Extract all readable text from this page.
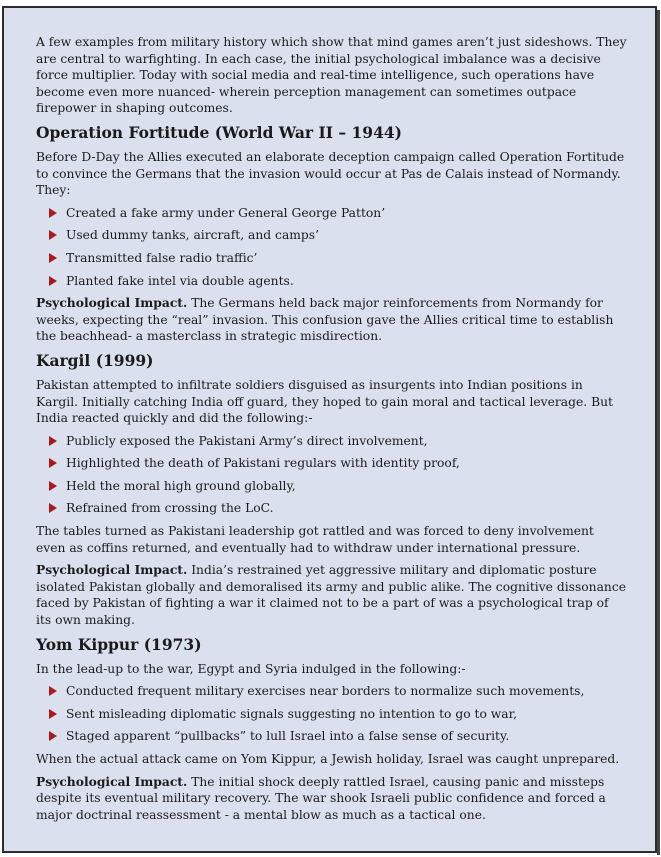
A few examples from military history which show that mind games aren’t just sideshows. They are central to warfighting. In each case, the initial psychological imbalance was a decisive force multiplier. Today with social media and real-time intelligence, such operations have become even more nuanced- wherein perception management can sometimes outpace firepower in shaping outcomes.

Operation Fortitude (World War II – 1944)

Before D-Day the Allies executed an elaborate deception campaign called Operation Fortitude to convince the Germans that the invasion would occur at Pas de Calais instead of Normandy. They:

Created a fake army under General George Patton’
Used dummy tanks, aircraft, and camps’
Transmitted false radio traffic’
Planted fake intel via double agents.

Psychological Impact. The Germans held back major reinforcements from Normandy for weeks, expecting the “real” invasion. This confusion gave the Allies critical time to establish the beachhead- a masterclass in strategic misdirection.

Kargil (1999)

Pakistan attempted to infiltrate soldiers disguised as insurgents into Indian positions in Kargil. Initially catching India off guard, they hoped to gain moral and tactical leverage. But India reacted quickly and did the following:-

Publicly exposed the Pakistani Army’s direct involvement,
Highlighted the death of Pakistani regulars with identity proof,
Held the moral high ground globally,
Refrained from crossing the LoC.

The tables turned as Pakistani leadership got rattled and was forced to deny involvement even as coffins returned, and eventually had to withdraw under international pressure.

Psychological Impact. India’s restrained yet aggressive military and diplomatic posture isolated Pakistan globally and demoralised its army and public alike. The cognitive dissonance faced by Pakistan of fighting a war it claimed not to be a part of was a psychological trap of its own making.

Yom Kippur (1973)

In the lead-up to the war, Egypt and Syria indulged in the following:-

Conducted frequent military exercises near borders to normalize such movements,
Sent misleading diplomatic signals suggesting no intention to go to war,
Staged apparent “pullbacks” to lull Israel into a false sense of security.

When the actual attack came on Yom Kippur, a Jewish holiday, Israel was caught unprepared.

Psychological Impact. The initial shock deeply rattled Israel, causing panic and missteps despite its eventual military recovery. The war shook Israeli public confidence and forced a major doctrinal reassessment - a mental blow as much as a tactical one.
